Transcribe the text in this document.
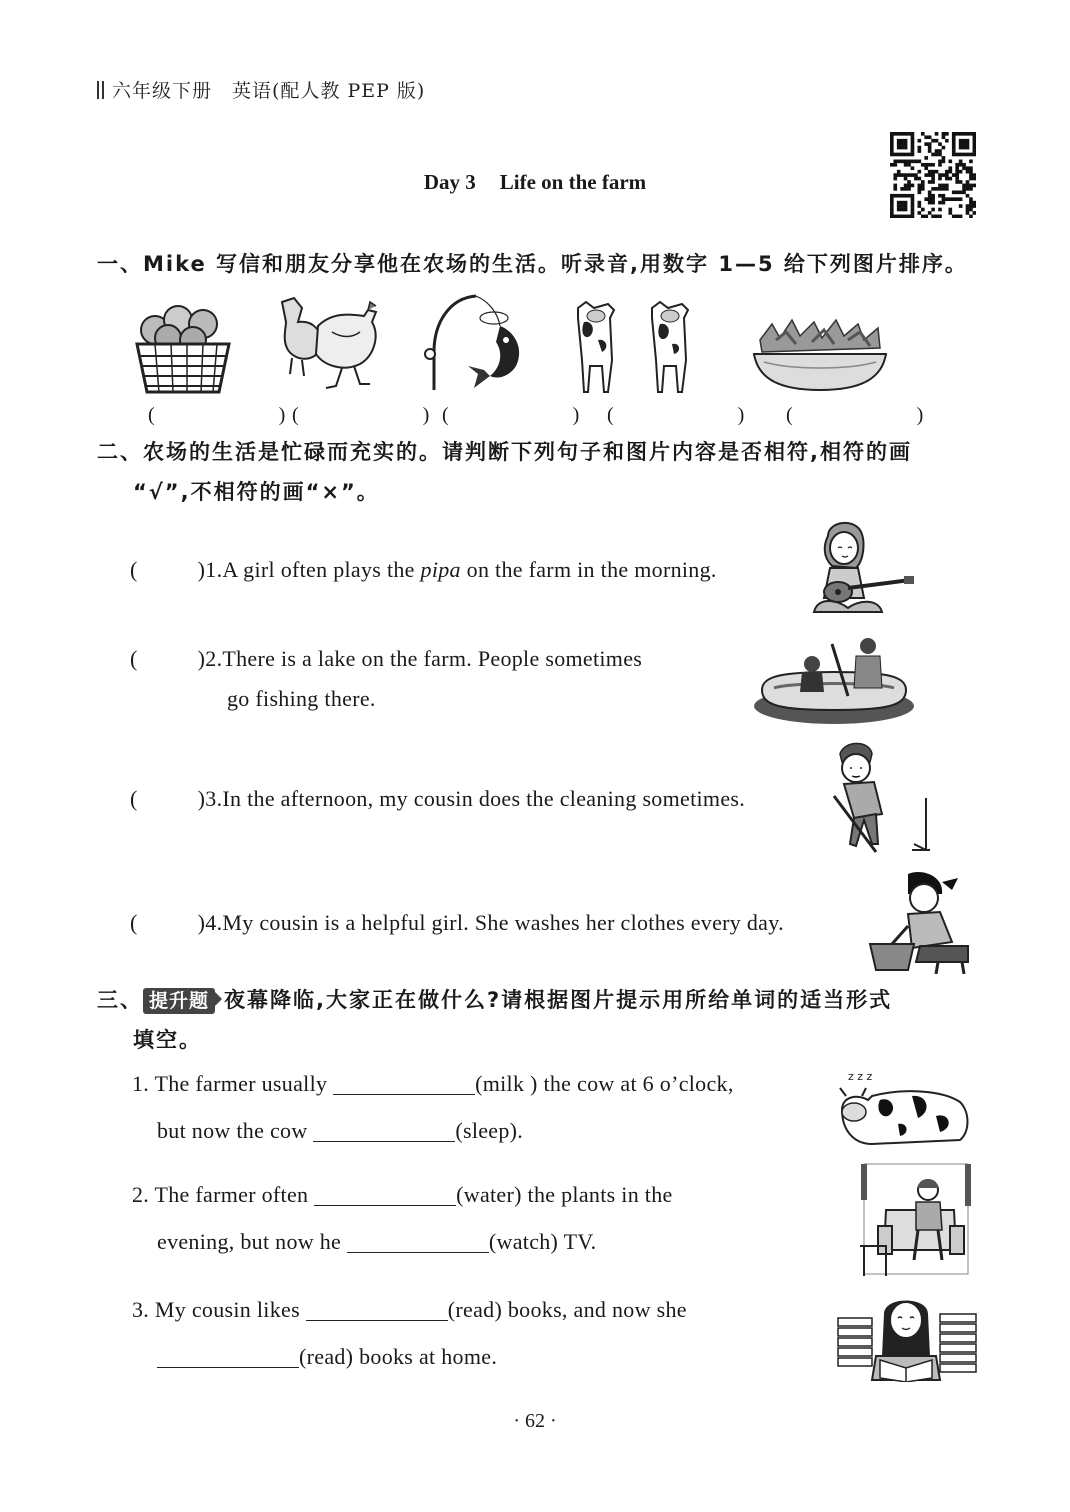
六年级下册　英语(配人教 PEP 版)
Day 3 Life on the farm
一、Mike 写信和朋友分享他在农场的生活。听录音,用数字 1—5 给下列图片排序。
(　　)
(　　)
(　　) (　　) (　　)
二、农场的生活是忙碌而充实的。请判断下列句子和图片内容是否相符,相符的画
“√”,不相符的画“×”。
(	)1.A girl often plays the pipa on the farm in the morning.
(	)2.There is a lake on the farm. People sometimes
go fishing there.
(	)3.In the afternoon, my cousin does the cleaning sometimes.
(	)4.My cousin is a helpful girl. She washes her clothes every day.
三、 提升题 夜幕降临,大家正在做什么?请根据图片提示用所给单词的适当形式
填空。
1. The farmer usually	(milk ) the cow at 6 o’clock,
but now the cow	(sleep).
z z z
2. The farmer often	(water) the plants in the
evening, but now he	(watch) TV.
3. My cousin likes	(read) books, and now she
(read) books at home.
· 62 ·
